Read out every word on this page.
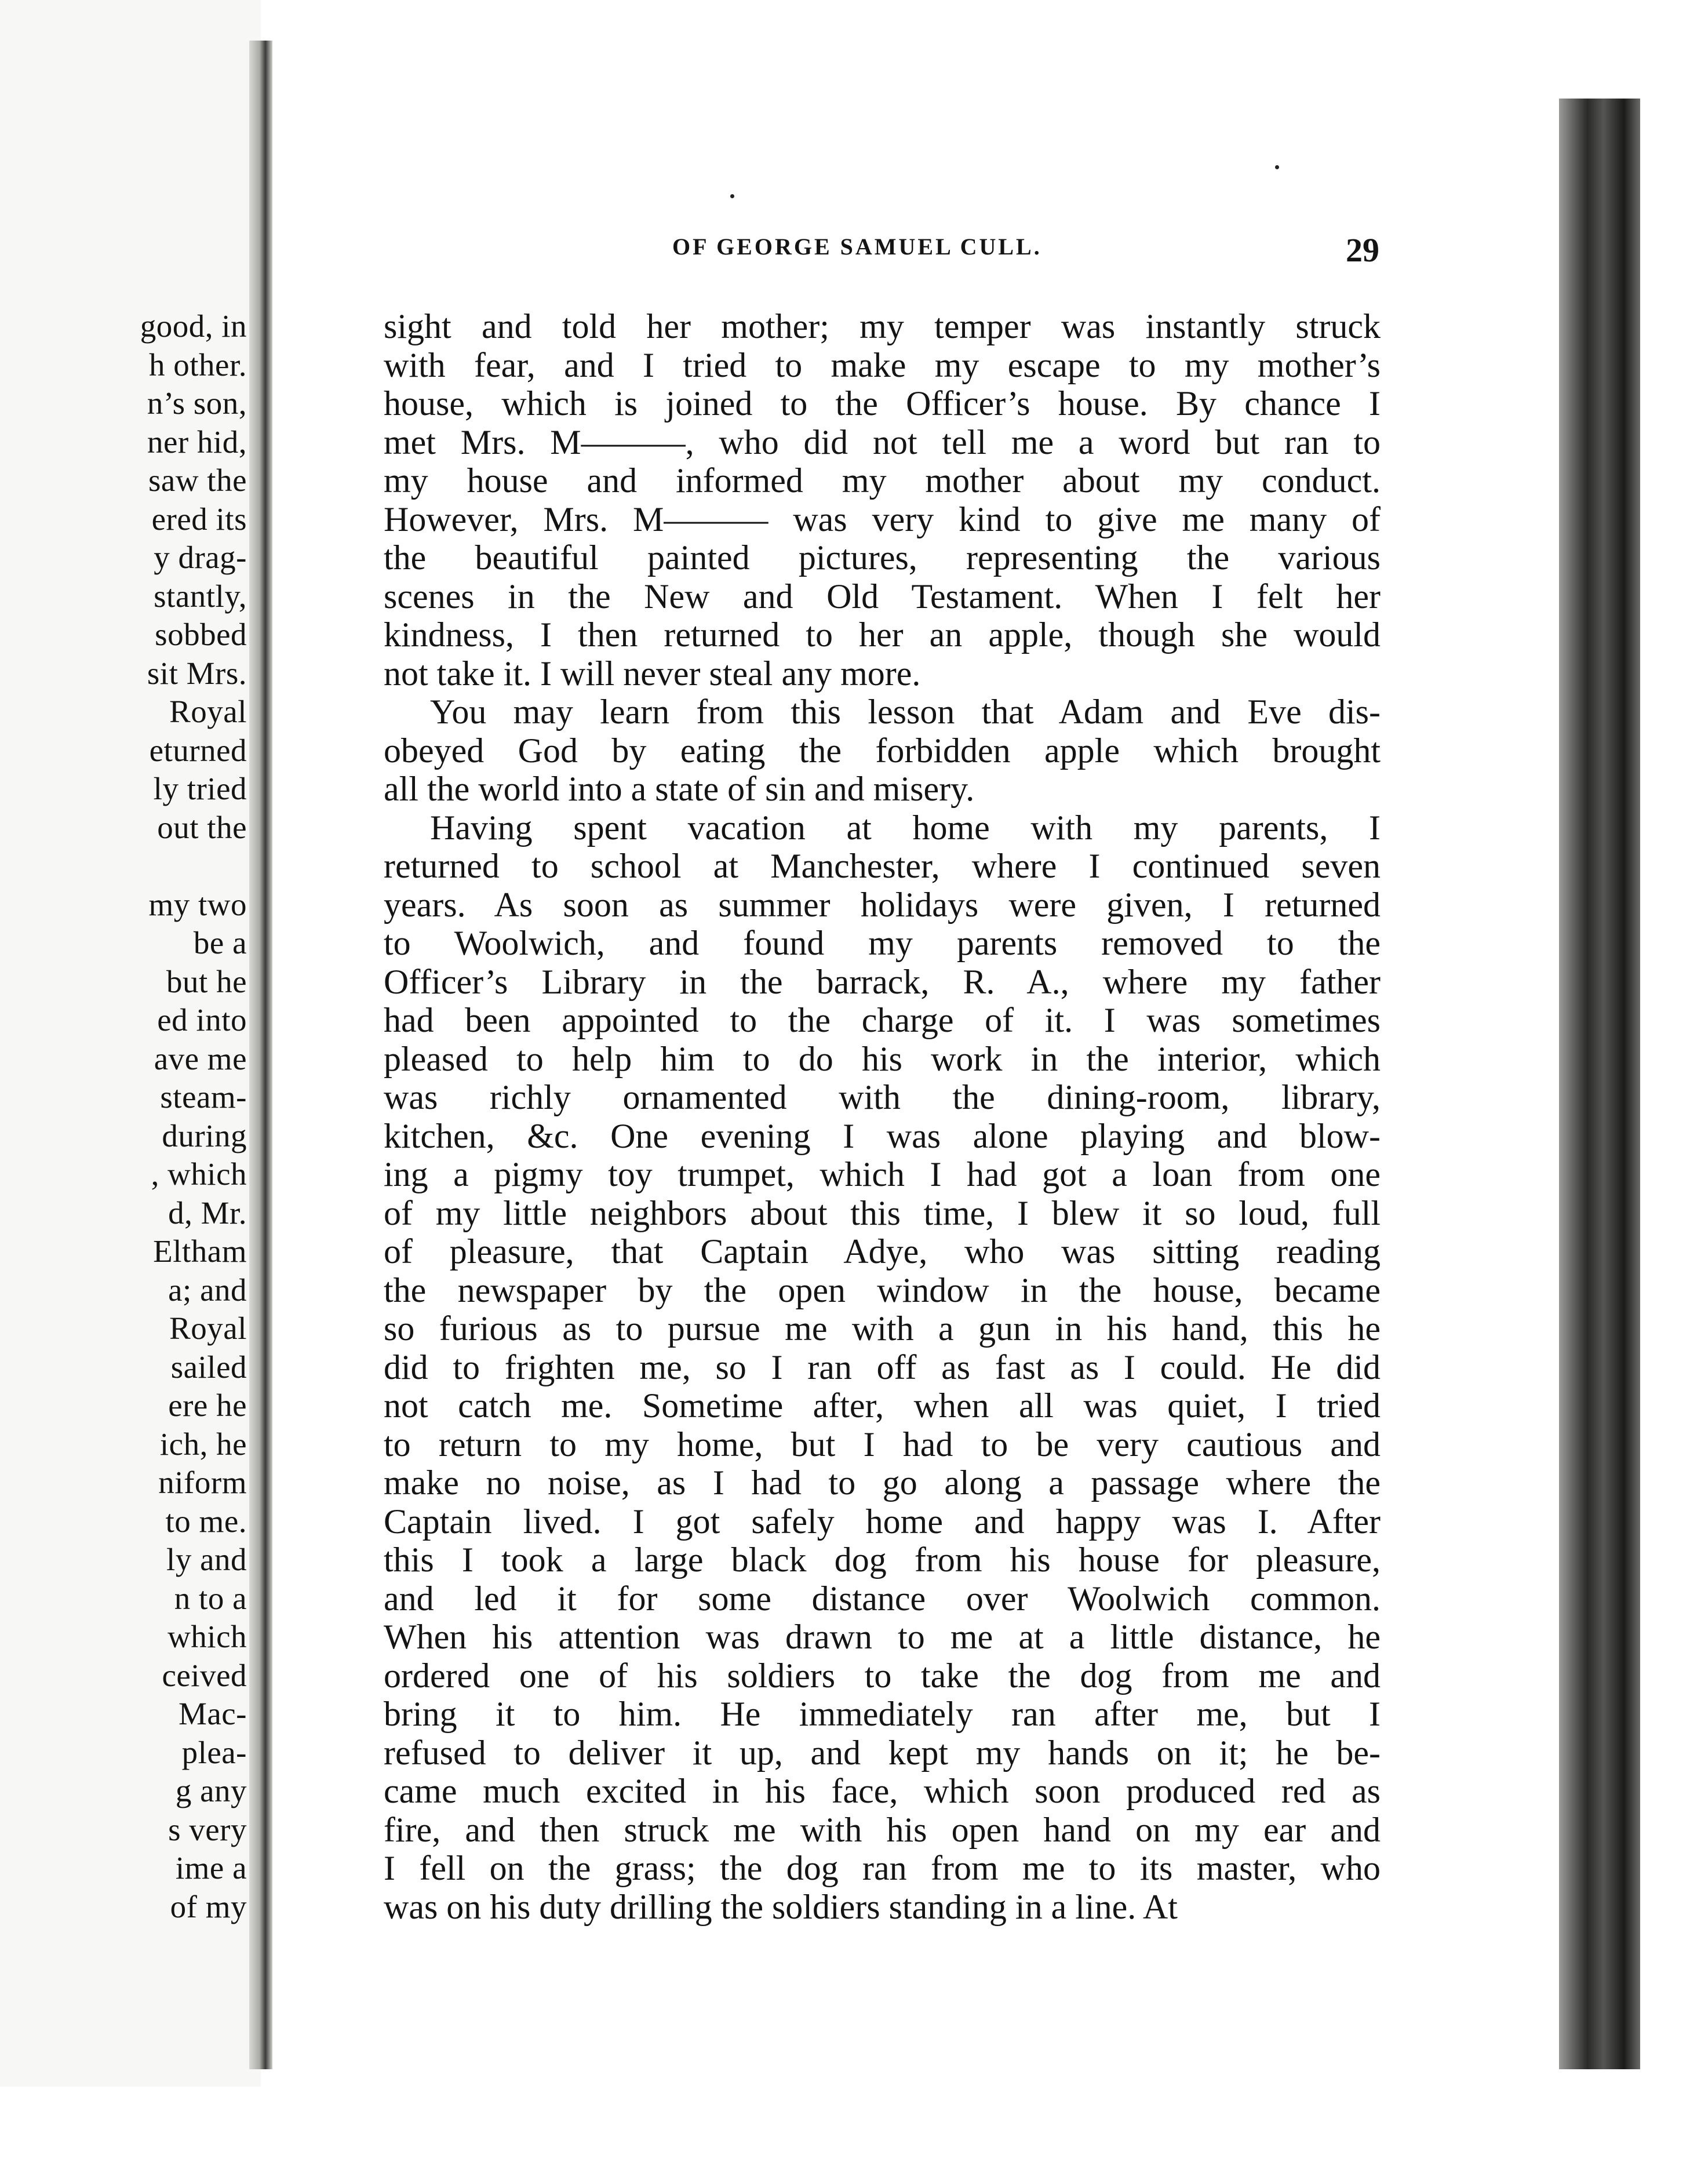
good, in
h other.
n’s son,
ner hid,
saw the
ered its
y drag-
stantly,
sobbed
sit Mrs.
Royal
eturned
ly tried
out the
my two
be a
but he
ed into
ave me
steam-
during
, which
d, Mr.
Eltham
a; and
Royal
sailed
ere he
ich, he
niform
to me.
ly and
n to a
which
ceived
Mac-
plea-
g any
s very
ime a
of my
OF GEORGE SAMUEL CULL.	29
sight and told her mother; my temper was instantly struck
with fear, and I tried to make my escape to my mother’s
house, which is joined to the Officer’s house. By chance I
met Mrs. M———, who did not tell me a word but ran to
my house and informed my mother about my conduct.
However, Mrs. M——— was very kind to give me many of
the beautiful painted pictures, representing the various
scenes in the New and Old Testament. When I felt her
kindness, I then returned to her an apple, though she would
not take it. I will never steal any more.
You may learn from this lesson that Adam and Eve dis-
obeyed God by eating the forbidden apple which brought
all the world into a state of sin and misery.
Having spent vacation at home with my parents, I
returned to school at Manchester, where I continued seven
years. As soon as summer holidays were given, I returned
to Woolwich, and found my parents removed to the
Officer’s Library in the barrack, R. A., where my father
had been appointed to the charge of it. I was sometimes
pleased to help him to do his work in the interior, which
was richly ornamented with the dining-room, library,
kitchen, &c. One evening I was alone playing and blow-
ing a pigmy toy trumpet, which I had got a loan from one
of my little neighbors about this time, I blew it so loud, full
of pleasure, that Captain Adye, who was sitting reading
the newspaper by the open window in the house, became
so furious as to pursue me with a gun in his hand, this he
did to frighten me, so I ran off as fast as I could. He did
not catch me. Sometime after, when all was quiet, I tried
to return to my home, but I had to be very cautious and
make no noise, as I had to go along a passage where the
Captain lived. I got safely home and happy was I. After
this I took a large black dog from his house for pleasure,
and led it for some distance over Woolwich common.
When his attention was drawn to me at a little distance, he
ordered one of his soldiers to take the dog from me and
bring it to him. He immediately ran after me, but I
refused to deliver it up, and kept my hands on it; he be-
came much excited in his face, which soon produced red as
fire, and then struck me with his open hand on my ear and
I fell on the grass; the dog ran from me to its master, who
was on his duty drilling the soldiers standing in a line. At
